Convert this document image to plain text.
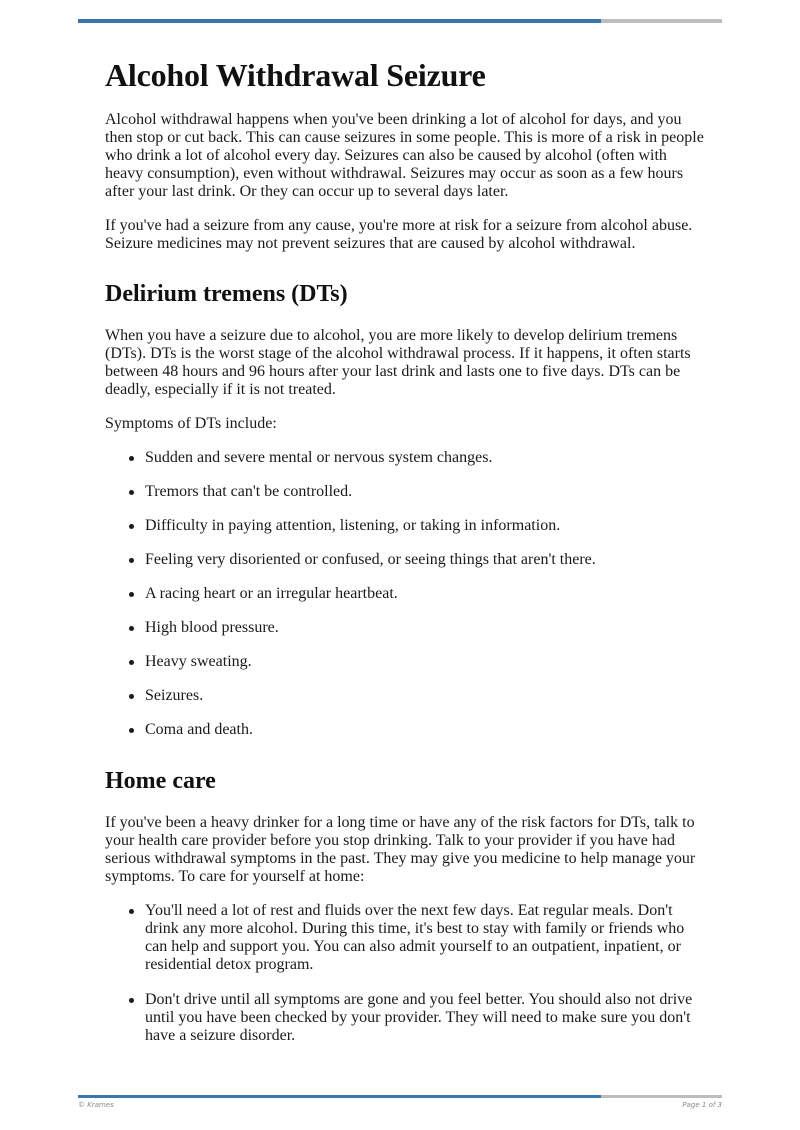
Alcohol Withdrawal Seizure

Alcohol withdrawal happens when you've been drinking a lot of alcohol for days, and you then stop or cut back. This can cause seizures in some people. This is more of a risk in people who drink a lot of alcohol every day. Seizures can also be caused by alcohol (often with heavy consumption), even without withdrawal. Seizures may occur as soon as a few hours after your last drink. Or they can occur up to several days later.

If you've had a seizure from any cause, you're more at risk for a seizure from alcohol abuse. Seizure medicines may not prevent seizures that are caused by alcohol withdrawal.

Delirium tremens (DTs)

When you have a seizure due to alcohol, you are more likely to develop delirium tremens (DTs). DTs is the worst stage of the alcohol withdrawal process. If it happens, it often starts between 48 hours and 96 hours after your last drink and lasts one to five days. DTs can be deadly, especially if it is not treated.

Symptoms of DTs include:

Sudden and severe mental or nervous system changes.
Tremors that can't be controlled.
Difficulty in paying attention, listening, or taking in information.
Feeling very disoriented or confused, or seeing things that aren't there.
A racing heart or an irregular heartbeat.
High blood pressure.
Heavy sweating.
Seizures.
Coma and death.
Home care

If you've been a heavy drinker for a long time or have any of the risk factors for DTs, talk to your health care provider before you stop drinking. Talk to your provider if you have had serious withdrawal symptoms in the past. They may give you medicine to help manage your symptoms. To care for yourself at home:

You'll need a lot of rest and fluids over the next few days. Eat regular meals. Don't drink any more alcohol. During this time, it's best to stay with family or friends who can help and support you. You can also admit yourself to an outpatient, inpatient, or residential detox program.
Don't drive until all symptoms are gone and you feel better. You should also not drive until you have been checked by your provider. They will need to make sure you don't have a seizure disorder.
© Krames	Page 1 of 3
